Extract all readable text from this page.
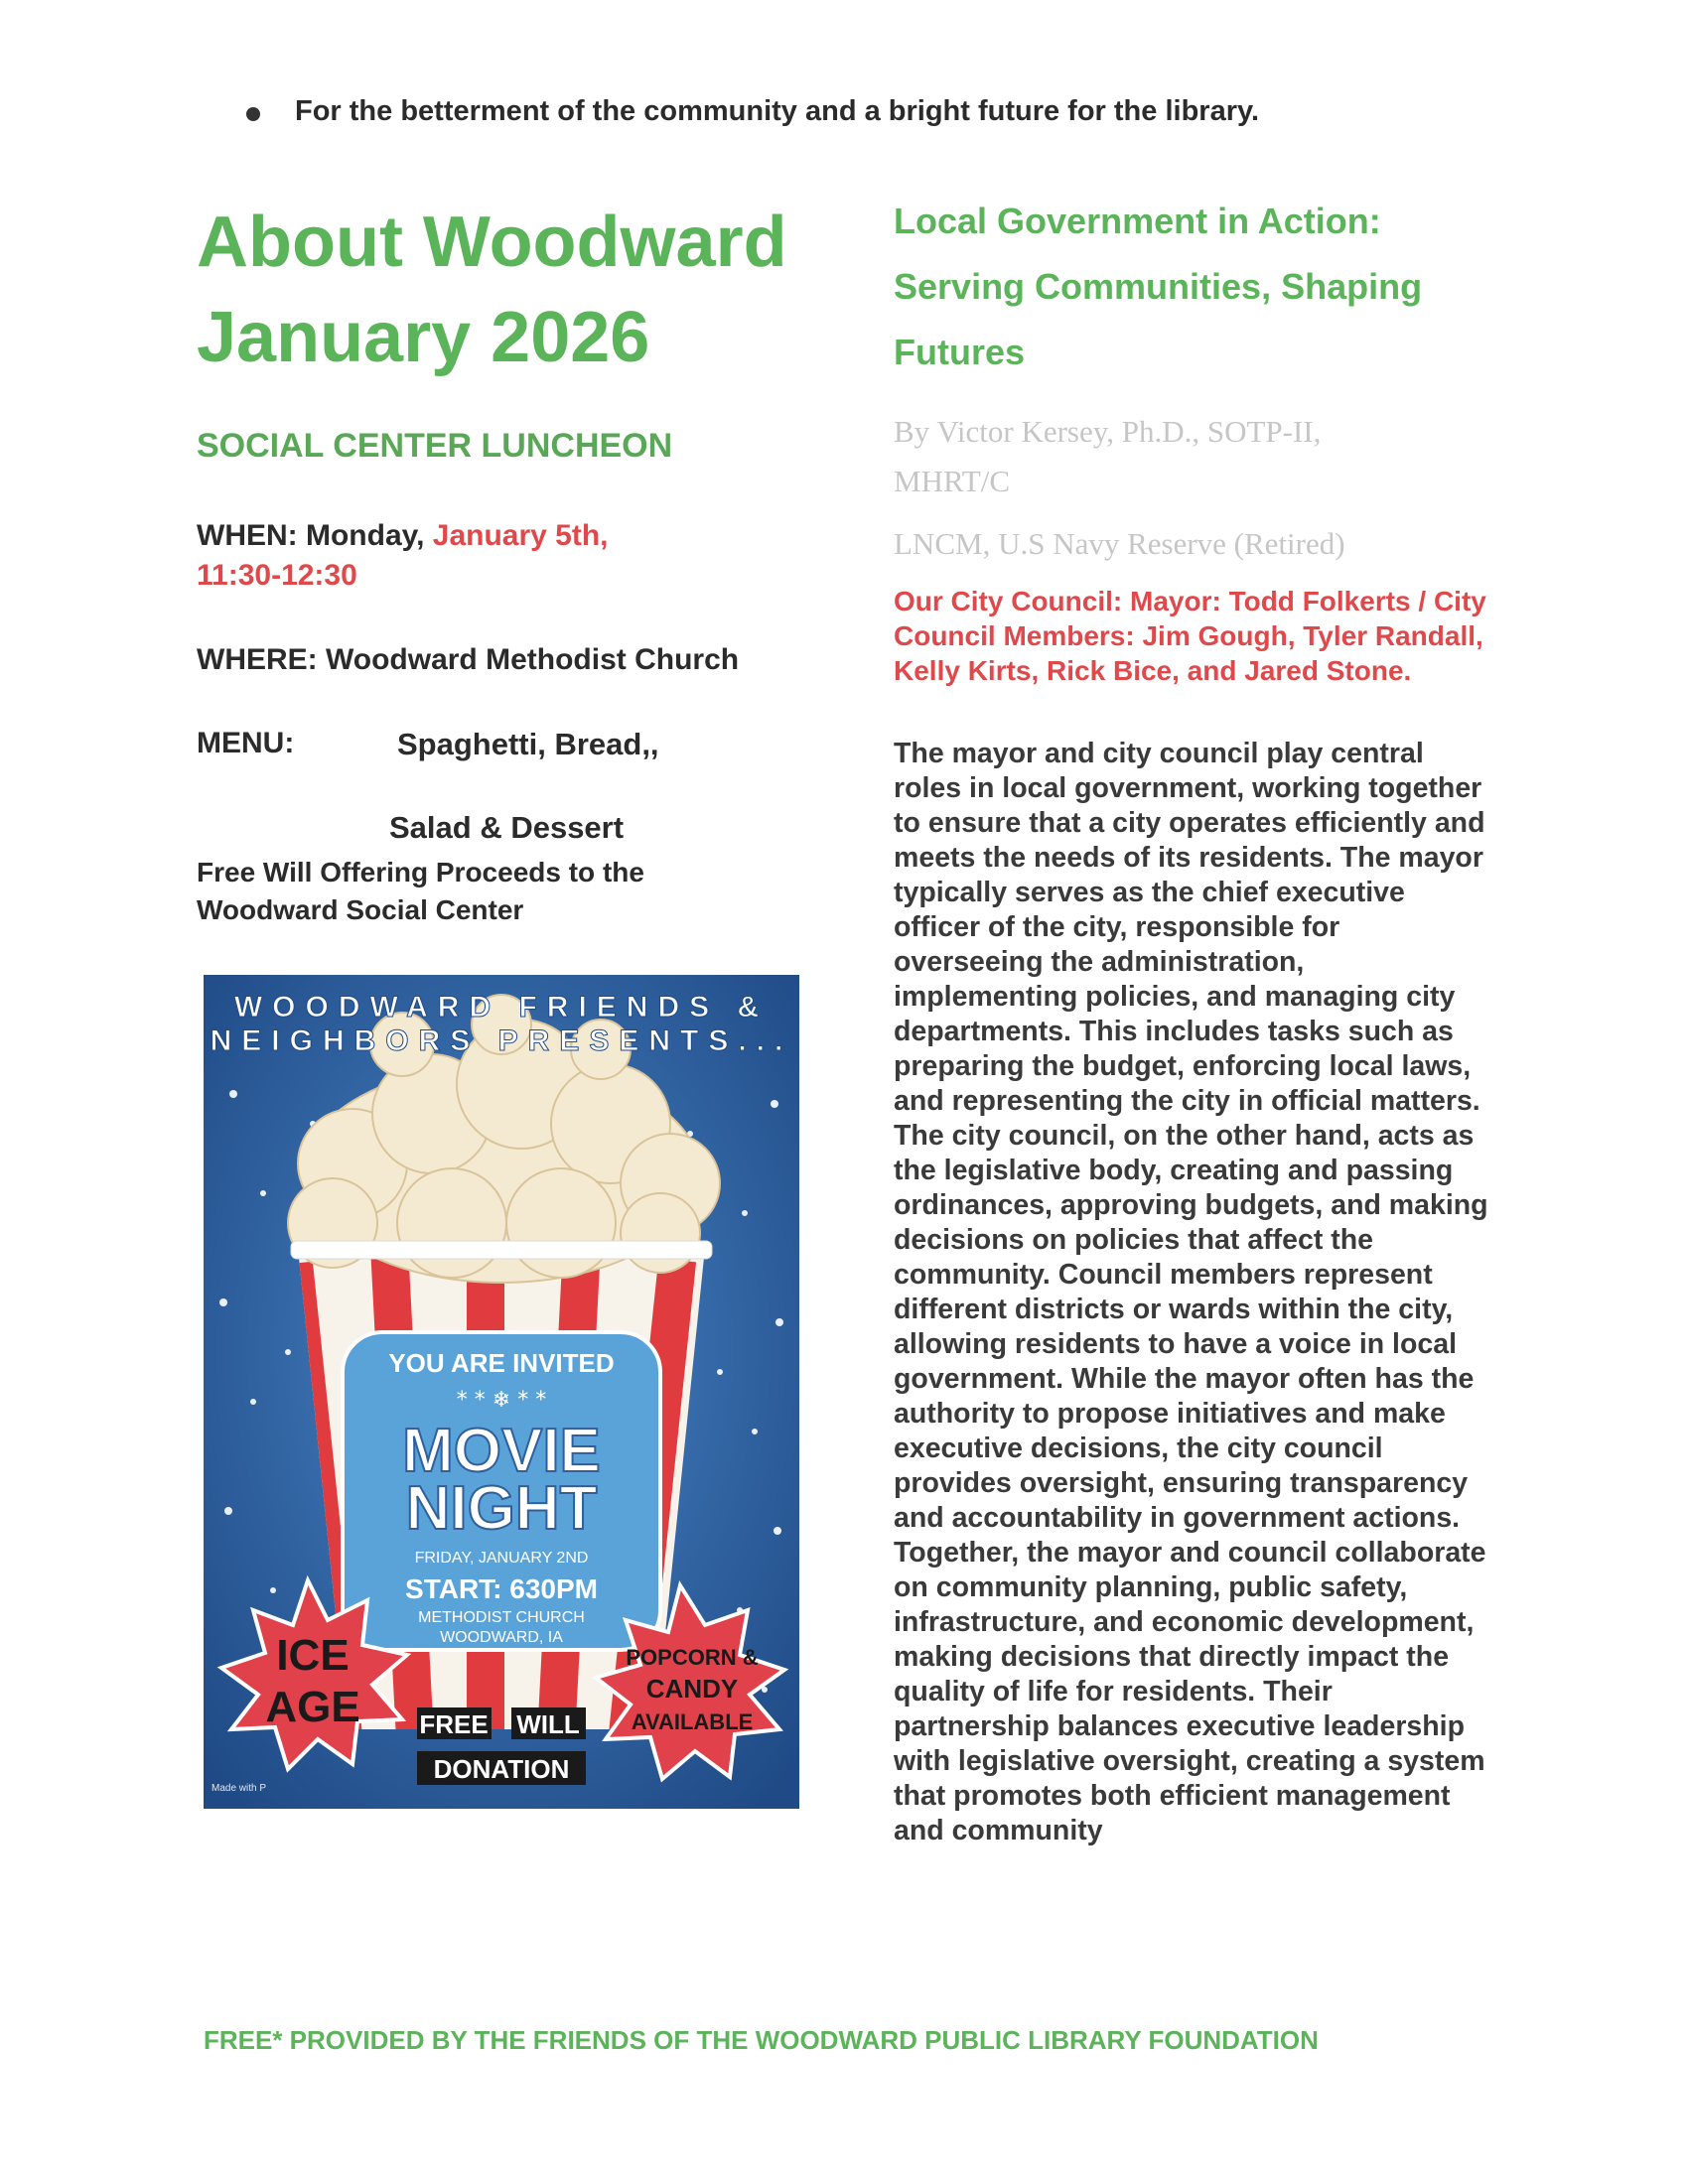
For the betterment of the community and a bright future for the library.
About Woodward
January 2026
SOCIAL CENTER LUNCHEON
WHEN: Monday, January 5th,
11:30-12:30
WHERE: Woodward Methodist Church
MENU:	Spaghetti, Bread,,
Salad & Dessert
Free Will Offering Proceeds to the Woodward Social Center
WOODWARD FRIENDS &
NEIGHBORS PRESENTS...
YOU ARE INVITED
* * ❄ * *
MOVIE
NIGHT
FRIDAY, JANUARY 2ND
START: 630PM
METHODIST CHURCH
WOODWARD, IA
ICE
AGE
POPCORN &
CANDY
AVAILABLE
FREE WILL
DONATION
Made with P
Local Government in Action:
Serving Communities, Shaping
Futures
By Victor Kersey, Ph.D., SOTP-II,
MHRT/C
LNCM, U.S Navy Reserve (Retired)
Our City Council: Mayor: Todd Folkerts / City Council Members: Jim Gough, Tyler Randall, Kelly Kirts, Rick Bice, and Jared Stone.
The mayor and city council play central roles in local government, working together to ensure that a city operates efficiently and meets the needs of its residents. The mayor typically serves as the chief executive officer of the city, responsible for overseeing the administration, implementing policies, and managing city departments. This includes tasks such as preparing the budget, enforcing local laws, and representing the city in official matters. The city council, on the other hand, acts as the legislative body, creating and passing ordinances, approving budgets, and making decisions on policies that affect the community. Council members represent different districts or wards within the city, allowing residents to have a voice in local government. While the mayor often has the authority to propose initiatives and make executive decisions, the city council provides oversight, ensuring transparency and accountability in government actions. Together, the mayor and council collaborate on community planning, public safety, infrastructure, and economic development, making decisions that directly impact the quality of life for residents. Their partnership balances executive leadership with legislative oversight, creating a system that promotes both efficient management and community
FREE* PROVIDED BY THE FRIENDS OF THE WOODWARD PUBLIC LIBRARY FOUNDATION
